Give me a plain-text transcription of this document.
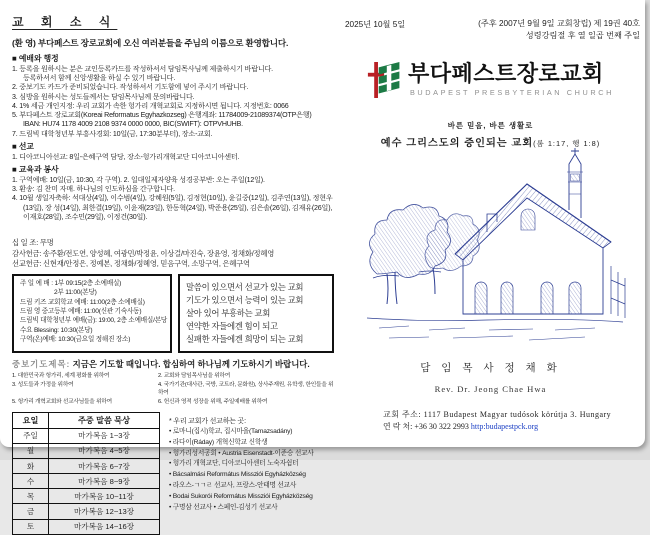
교 회 소 식
(환 영) 부다페스트 장로교회에 오신 여러분들을 주님의 이름으로 환영합니다.
■ 예배와 행정
1. 등록을 원하시는 분은 교인등록카드를 작성하셔서 담임목사님께 제출하시기 바랍니다.
등록하셔서 함께 신앙생활을 하실 수 있기 바랍니다.
2. 중보기도 카드가 준비되었습니다. 작성하셔서 기도함에 넣어 주시기 바랍니다.
3. 심방을 원하시는 성도들께서는 담임목사님께 문의바랍니다.
4. 1% 세금 개인지정: 우리 교회가 속한 헝가리 개혁교회로 지정하시면 됩니다. 지정번호: 0066
5. 부다페스트 장로교회(Koreai Reformatus Egyhazkozseg) 은행계좌: 11784009-21089374(OTP은행)
IBAN: HU74 1178 4009 2108 9374 0000 0000, BIC(SWIFT): OTPVHUHB.
7. 드림빅 대학청년부 부흥사경회: 10일(금, 17:30분부터), 장소-교회.
■ 선교
1. 디아코니아선교: 8일-은혜구역 담당, 장소-헝가리개혁교단 디아코니아센터.
■ 교육과 봉사
1. 구역예배: 10일(금, 10:30, 각 구역). 2. 일대일제자양육 성경공부반: 오는 주일(12일).
3. 환송: 김 찬미 자매. 하나님의 인도하심을 간구합니다.
4. 10월 생일자축하: 석대상(4일), 이수범(4일), 강혜원(5일), 김정현(10일), 윤길중(12일), 김주연(13일), 정현우(13일), 장 성(14일), 최한결(19일), 이윤재(23일), 한동혁(24일), 박준용(25일), 김은솔(26일), 김재유(26일), 이재호(28일), 조수민(29일), 이정건(30일).
십 일 조: 무명
감사헌금: 송주환/전도연, 양성혜, 여광민/박정윤, 이상걸/마진숙, 장윤영, 정채화/정혜영
선교헌금: 신현재/안정은, 정예본, 정채화/정혜영, 믿음구역, 소망구역, 은혜구역
주 일 예 배 : 1부 09:15(2층 소예배실)
2부 11:00(본당)
드림 키즈 교회학교 예배: 11:00(2층 소예배실)
드림 영 중고등부 예배: 11:00(신관 기숙사동)
드림빅 대학청년부 예배(금): 19:00, 2층 소예배실/본당
수요 Blessing: 10:30(본당)
구역(온)예배: 10:30(금요일 정해진 장소)
말씀이 있으면서 선교가 있는 교회
기도가 있으면서 능력이 있는 교회
살아 있어 부흥하는 교회
연약한 자들에겐 힘이 되고
실패한 자들에겐 희망이 되는 교회
중보기도제목: 지금은 기도할 때입니다. 합심하여 하나님께 기도하시기 바랍니다.
1. 대한민국과 헝가리, 세계 평화를 위하여	2. 교회와 담임목사님을 위하여
3. 성도들과 가정을 위하여	4. 국가기관(대사관, 국방, 코트라, 문화원), 상사주재원, 유학생, 한인들을 위하여
5. 헝가리 개혁교회와 선교사님들을 위하여	6. 헌신과 영적 성장을 위해, 주일예배를 위하여
요일	주중 말씀 묵상
주일	마가복음 1~3장
월	마가복음 4~5장
화	마가복음 6~7장
수	마가복음 8~9장
목	마가복음 10~11장
금	마가복음 12~13장
토	마가복음 14~16장
* 우리 교회가 선교하는 곳:
• 로마니(집시)학교, 집시마을(Tarnazsadány)
• 라다이(Ráday) 개혁신학교 신학생
• 헝가리성서공회 • Austria Eisenstadt-이준승 선교사
• 헝가리 개혁교단, 디아코니아센터 노숙자쉼터
• Bácsalmási Református Missziói Egyházközség
• 라오스-ㄱㄱㄹ 선교사, 프랑스-안태명 선교사
• Bodai Sukorói Református Missziói Egyházközség
• 구명삼 선교사 • 스페인-김성기 선교사
2025년 10월 5일	(주후 2007년 9월 9일 교회창립) 제 19권 40호
성령강림절 후 열 일곱 번째 주일
부다페스트장로교회
BUDAPEST PRESBYTERIAN CHURCH
바른 믿음, 바른 생활로
예수 그리스도의 증인되는 교회(롬 1:17, 행 1:8)
담 임 목 사 정 채 화
Rev. Dr. Jeong Chae Hwa
교회 주소: 1117 Budapest Magyar tudósok körútja 3. Hungary
연 락 처: +36 30 322 2993 http:budapestpck.org
